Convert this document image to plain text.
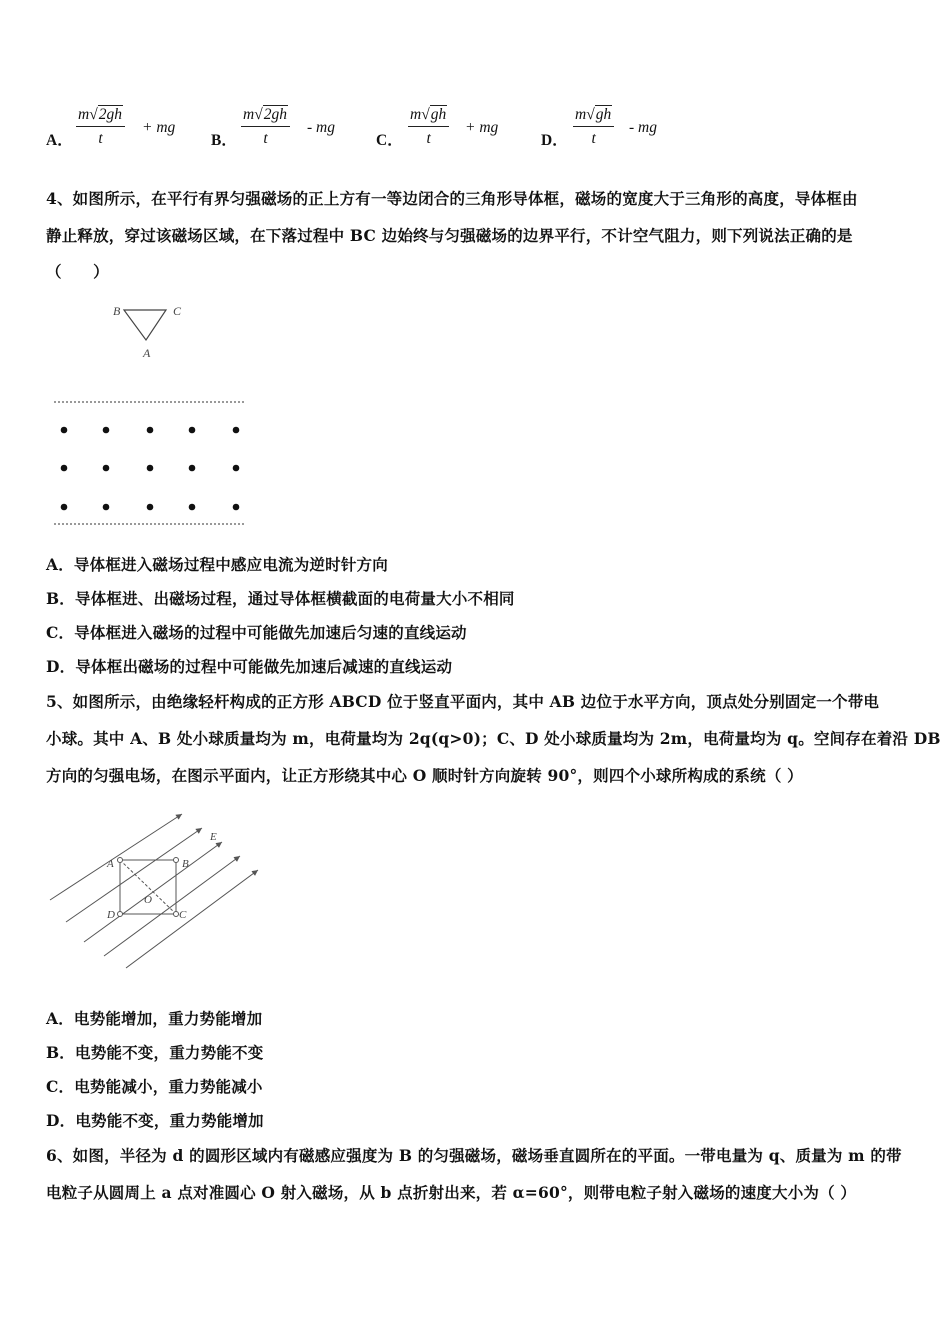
A．
m√2gh
t
+ mg
B．
m√2gh
t
- mg
C．
m√gh
t
+ mg
D．
m√gh
t
- mg
4、如图所示，在平行有界匀强磁场的正上方有一等边闭合的三角形导体框，磁场的宽度大于三角形的高度，导体框由
静止释放，穿过该磁场区域，在下落过程中 BC 边始终与匀强磁场的边界平行，不计空气阻力，则下列说法正确的是
（　　）
B	C
A
A．导体框进入磁场过程中感应电流为逆时针方向
B．导体框进、出磁场过程，通过导体框横截面的电荷量大小不相同
C．导体框进入磁场的过程中可能做先加速后匀速的直线运动
D．导体框出磁场的过程中可能做先加速后减速的直线运动
5、如图所示，由绝缘轻杆构成的正方形 ABCD 位于竖直平面内，其中 AB 边位于水平方向，顶点处分别固定一个带电
小球。其中 A、B 处小球质量均为 m，电荷量均为 2q(q>0)；C、D 处小球质量均为 2m，电荷量均为 q。空间存在着沿 DB
方向的匀强电场，在图示平面内，让正方形绕其中心 O 顺时针方向旋转 90°，则四个小球所构成的系统（ ）
A	B
C
D
O
E
A．电势能增加，重力势能增加
B．电势能不变，重力势能不变
C．电势能减小，重力势能减小
D．电势能不变，重力势能增加
6、如图，半径为 d 的圆形区域内有磁感应强度为 B 的匀强磁场，磁场垂直圆所在的平面。一带电量为 q、质量为 m 的带
电粒子从圆周上 a 点对准圆心 O 射入磁场，从 b 点折射出来，若 α=60°，则带电粒子射入磁场的速度大小为（ ）
